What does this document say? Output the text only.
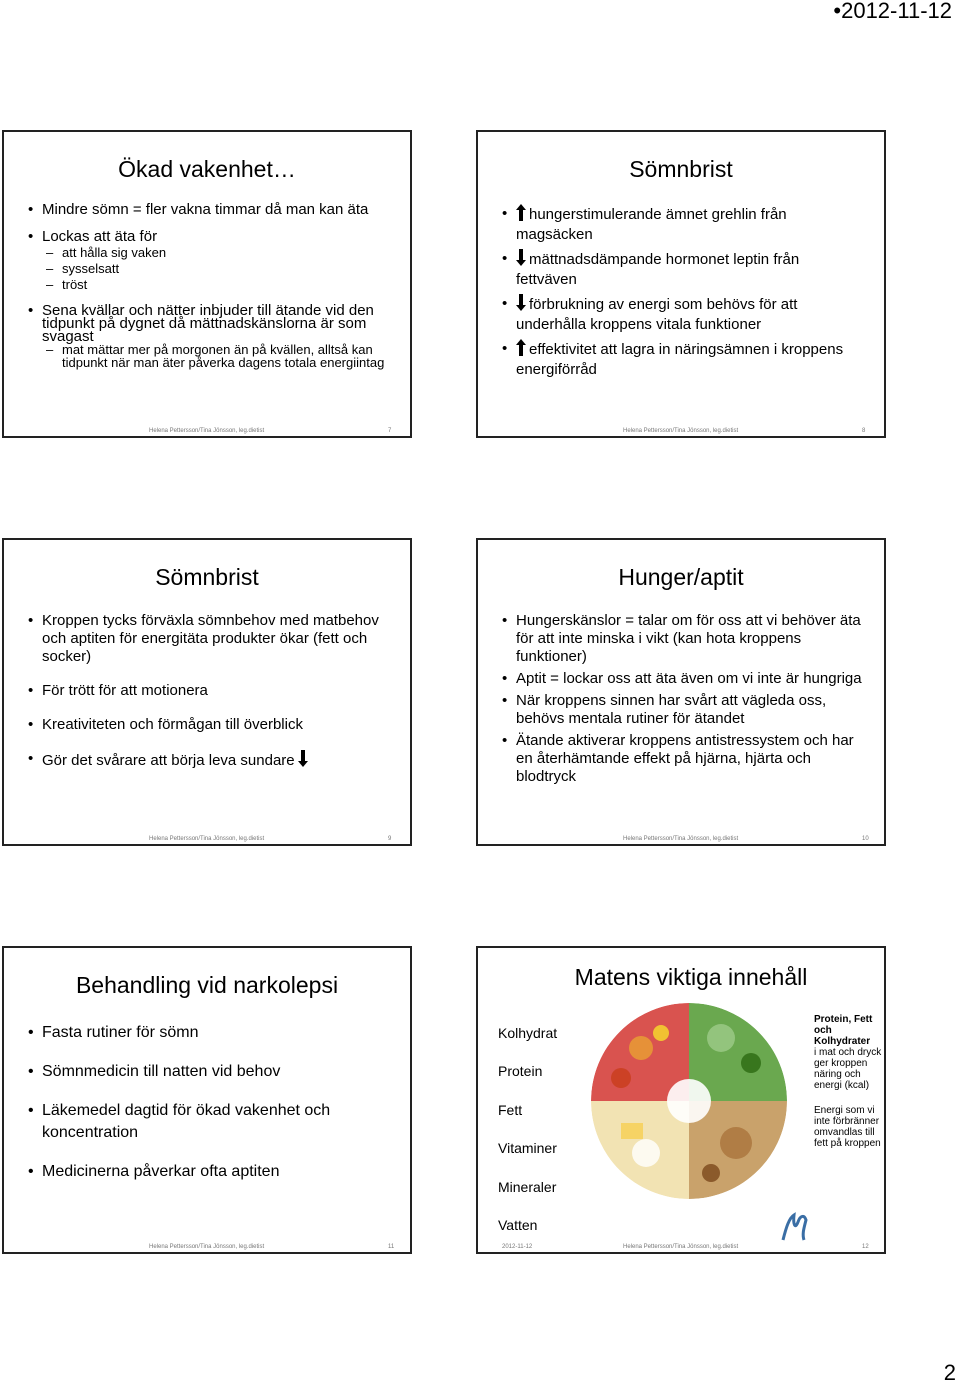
•2012-11-12
Ökad vakenhet…
• Mindre sömn = fler vakna timmar då man kan äta
• Lockas att äta för
– att hålla sig vaken
– sysselsatt
– tröst
• Sena kvällar och nätter inbjuder till ätande vid den tidpunkt på dygnet då mättnadskänslorna är som svagast
– mat mättar mer på morgonen än på kvällen, alltså kan tidpunkt när man äter påverka dagens totala energiintag
Helena Pettersson/Tina Jönsson, leg.dietist	7
Sömnbrist
• hungerstimulerande ämnet grehlin från magsäcken
• mättnadsdämpande hormonet leptin från fettväven
• förbrukning av energi som behövs för att underhålla kroppens vitala funktioner
• effektivitet att lagra in näringsämnen i kroppens energiförråd
Helena Pettersson/Tina Jönsson, leg.dietist	8
Sömnbrist
• Kroppen tycks förväxla sömnbehov med matbehov och aptiten för energitäta produkter ökar (fett och socker)
• För trött för att motionera
• Kreativiteten och förmågan till överblick
• Gör det svårare att börja leva sundare
Helena Pettersson/Tina Jönsson, leg.dietist	9
Hunger/aptit
• Hungerskänslor = talar om för oss att vi behöver äta för att inte minska i vikt (kan hota kroppens funktioner)
• Aptit = lockar oss att äta även om vi inte är hungriga
• När kroppens sinnen har svårt att vägleda oss, behövs mentala rutiner för ätandet
• Ätande aktiverar kroppens antistressystem och har en återhämtande effekt på hjärna, hjärta och blodtryck
Helena Pettersson/Tina Jönsson, leg.dietist	10
Behandling vid narkolepsi
• Fasta rutiner för sömn
• Sömnmedicin till natten vid behov
• Läkemedel dagtid för ökad vakenhet och koncentration
• Medicinerna påverkar ofta aptiten
Helena Pettersson/Tina Jönsson, leg.dietist	11
Matens viktiga innehåll
Kolhydrat
Protein
Fett
Vitaminer
Mineraler
Vatten
Protein, Fett och Kolhydrater
i mat och dryck ger kroppen näring och energi (kcal)
Energi som vi inte förbränner omvandlas till fett på kroppen
2012-11-12	Helena Pettersson/Tina Jönsson, leg.dietist	12
2
